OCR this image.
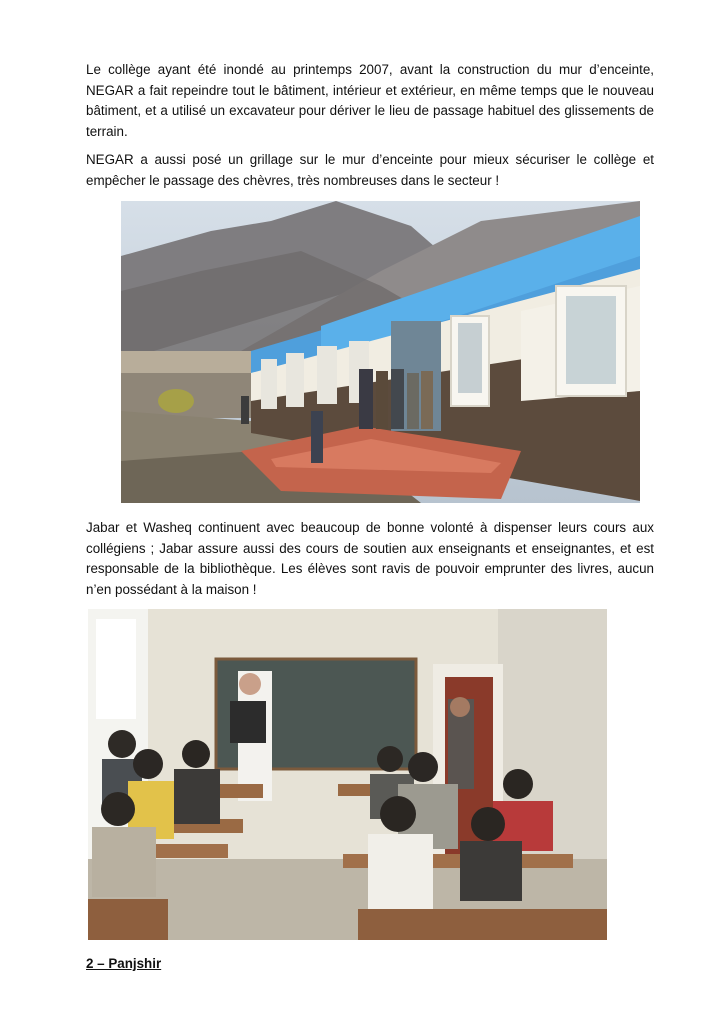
Le collège ayant été inondé au printemps 2007, avant la construction du mur d’enceinte, NEGAR a fait repeindre tout le bâtiment, intérieur et extérieur, en même temps que le nouveau bâtiment, et a utilisé un excavateur pour dériver le lieu de passage habituel des glissements de terrain.

NEGAR a aussi posé un grillage sur le mur d’enceinte pour mieux sécuriser le collège et empêcher le passage des chèvres, très nombreuses dans le secteur !

Jabar et Washeq continuent avec beaucoup de bonne volonté à dispenser leurs cours aux collégiens ; Jabar assure aussi des cours de soutien aux enseignants et enseignantes, et est responsable de la bibliothèque. Les élèves sont ravis de pouvoir emprunter des livres, aucun n’en possédant à la maison !

2 – Panjshir
